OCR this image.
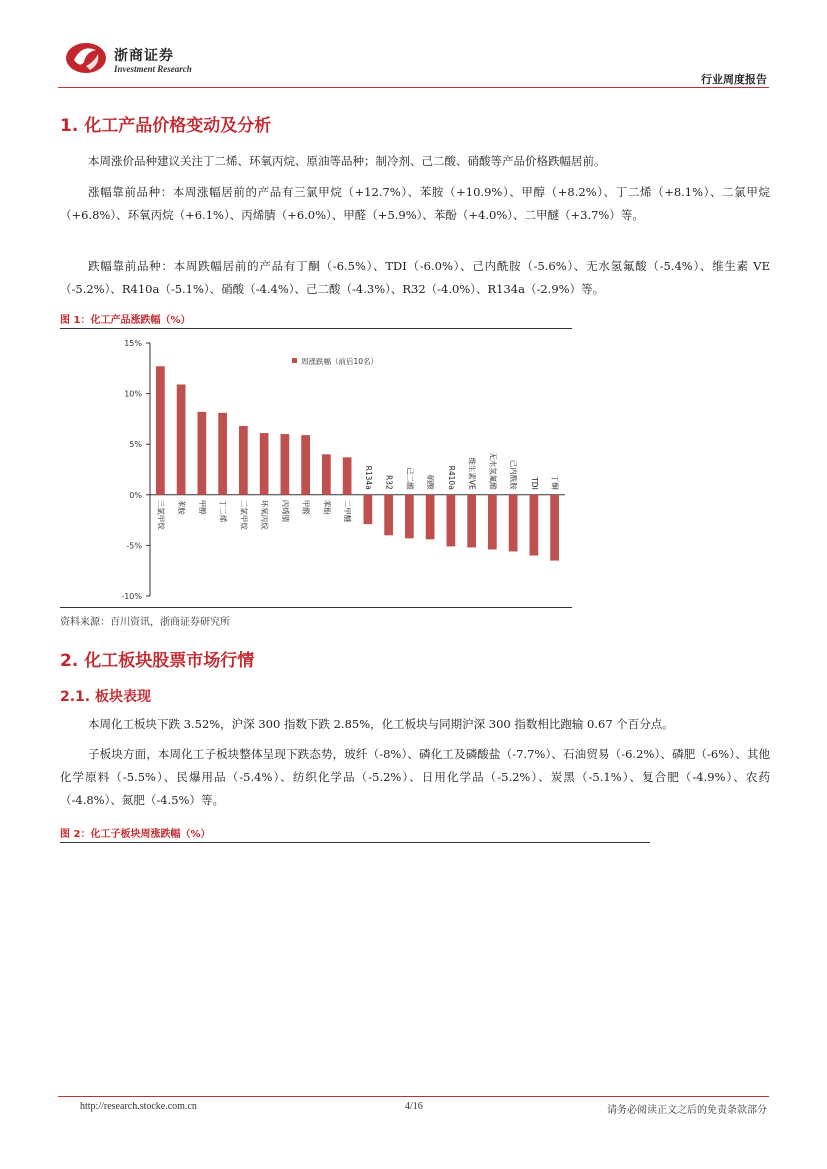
浙商证券
Investment Research
行业周度报告
1. 化工产品价格变动及分析

本周涨价品种建议关注丁二烯、环氧丙烷、原油等品种；制冷剂、己二酸、硝酸等产品价格跌幅居前。

涨幅靠前品种：本周涨幅居前的产品有三氯甲烷（+12.7%）、苯胺（+10.9%）、甲醇（+8.2%）、丁二烯（+8.1%）、二氯甲烷（+6.8%）、环氧丙烷（+6.1%）、丙烯腈（+6.0%）、甲醛（+5.9%）、苯酚（+4.0%）、二甲醚（+3.7%）等。

跌幅靠前品种：本周跌幅居前的产品有丁酮（-6.5%）、TDI（-6.0%）、己内酰胺（-5.6%）、无水氢氟酸（-5.4%）、维生素 VE（-5.2%）、R410a（-5.1%）、硝酸（-4.4%）、己二酸（-4.3%）、R32（-4.0%）、R134a（-2.9%）等。

图 1：化工产品涨跌幅（%）

15%
10%
5%
0%
-5%
-10%
三氯甲烷 苯胺 甲醇 丁二烯 二氯甲烷 环氧丙烷 丙烯腈 甲醛 苯酚 二甲醚
R134a R32 己二酸 硝酸 R410a 维生素VE 无水氢氟酸 己内酰胺 TDI 丁酮
周涨跌幅（前后10名）

资料来源：百川资讯，浙商证券研究所

2. 化工板块股票市场行情
2.1. 板块表现

本周化工板块下跌 3.52%，沪深 300 指数下跌 2.85%，化工板块与同期沪深 300 指数相比跑输 0.67 个百分点。

子板块方面，本周化工子板块整体呈现下跌态势，玻纤（-8%）、磷化工及磷酸盐（-7.7%）、石油贸易（-6.2%）、磷肥（-6%）、其他化学原料（-5.5%）、民爆用品（-5.4%）、纺织化学品（-5.2%）、日用化学品（-5.2%）、炭黑（-5.1%）、复合肥（-4.9%）、农药（-4.8%）、氮肥（-4.5%）等。

图 2：化工子板块周涨跌幅（%）

http://research.stocke.com.cn	4/16	请务必阅读正文之后的免责条款部分
